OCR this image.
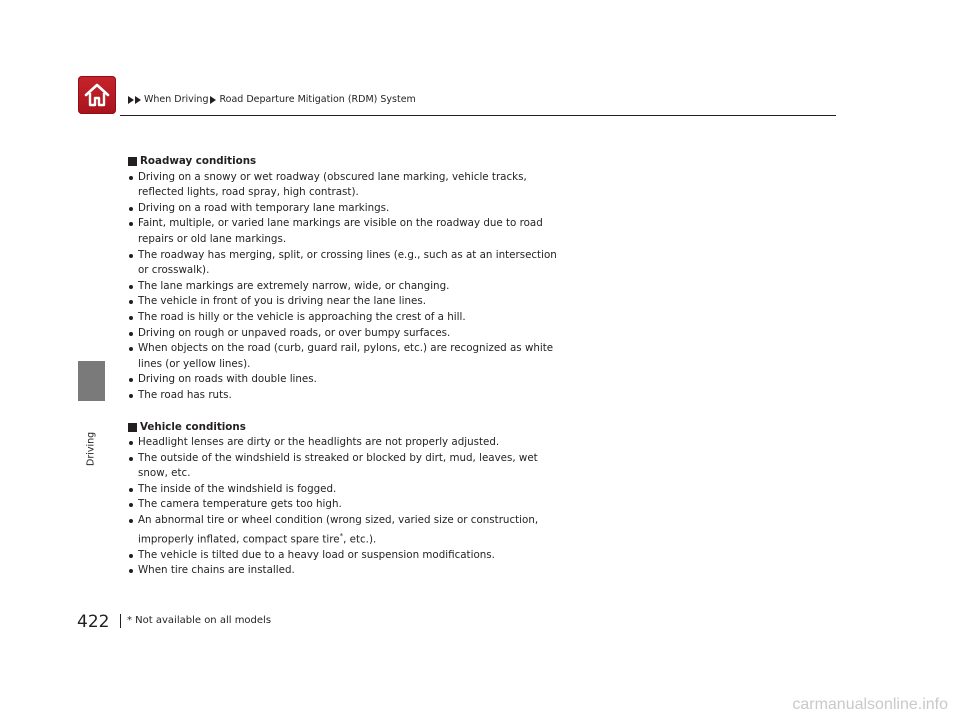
When Driving Road Departure Mitigation (RDM) System
Driving
Roadway conditions
Driving on a snowy or wet roadway (obscured lane marking, vehicle tracks,
reflected lights, road spray, high contrast).
Driving on a road with temporary lane markings.
Faint, multiple, or varied lane markings are visible on the roadway due to road
repairs or old lane markings.
The roadway has merging, split, or crossing lines (e.g., such as at an intersection
or crosswalk).
The lane markings are extremely narrow, wide, or changing.
The vehicle in front of you is driving near the lane lines.
The road is hilly or the vehicle is approaching the crest of a hill.
Driving on rough or unpaved roads, or over bumpy surfaces.
When objects on the road (curb, guard rail, pylons, etc.) are recognized as white
lines (or yellow lines).
Driving on roads with double lines.
The road has ruts.
Vehicle conditions
Headlight lenses are dirty or the headlights are not properly adjusted.
The outside of the windshield is streaked or blocked by dirt, mud, leaves, wet
snow, etc.
The inside of the windshield is fogged.
The camera temperature gets too high.
An abnormal tire or wheel condition (wrong sized, varied size or construction,
improperly inflated, compact spare tire*, etc.).
The vehicle is tilted due to a heavy load or suspension modifications.
When tire chains are installed.
422	* Not available on all models
carmanualsonline.info
